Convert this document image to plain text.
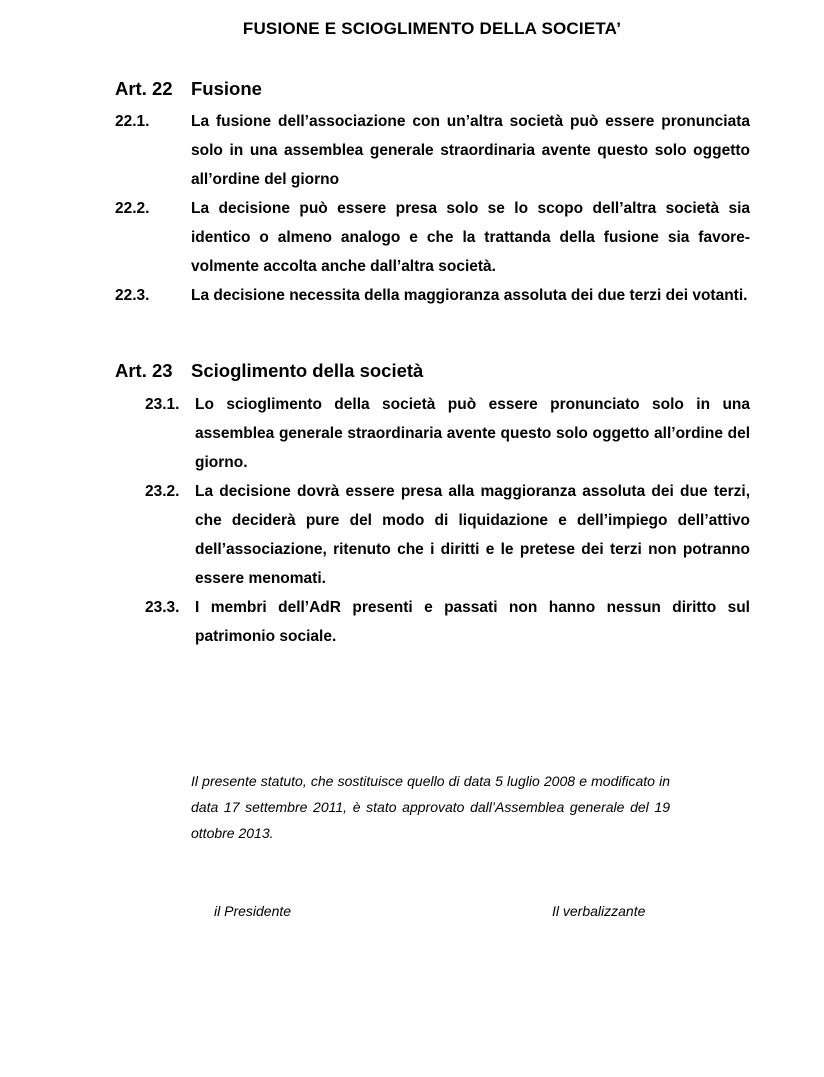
FUSIONE E SCIOGLIMENTO DELLA SOCIETA’
Art. 22 Fusione
22.1.	La fusione dell’associazione con un’altra società può essere pronunciata solo in una assemblea generale straordinaria avente questo solo oggetto all’ordine del giorno
22.2.	La decisione può essere presa solo se lo scopo dell’altra società sia identico o almeno analogo e che la trattanda della fusione sia favore-volmente accolta anche dall’altra società.
22.3.	La decisione necessita della maggioranza assoluta dei due terzi dei votanti.
Art. 23 Scioglimento della società
23.1. Lo scioglimento della società può essere pronunciato solo in una assemblea generale straordinaria avente questo solo oggetto all’ordine del giorno.
23.2. La decisione dovrà essere presa alla maggioranza assoluta dei due terzi, che deciderà pure del modo di liquidazione e dell’impiego dell’attivo dell’associazione, ritenuto che i diritti e le pretese dei terzi non potranno essere menomati.
23.3. I membri dell’AdR presenti e passati non hanno nessun diritto sul patrimonio sociale.
Il presente statuto, che sostituisce quello di data 5 luglio 2008 e modificato in data 17 settembre 2011, è stato approvato dall’Assemblea generale del 19 ottobre 2013.
il Presidente	Il verbalizzante
